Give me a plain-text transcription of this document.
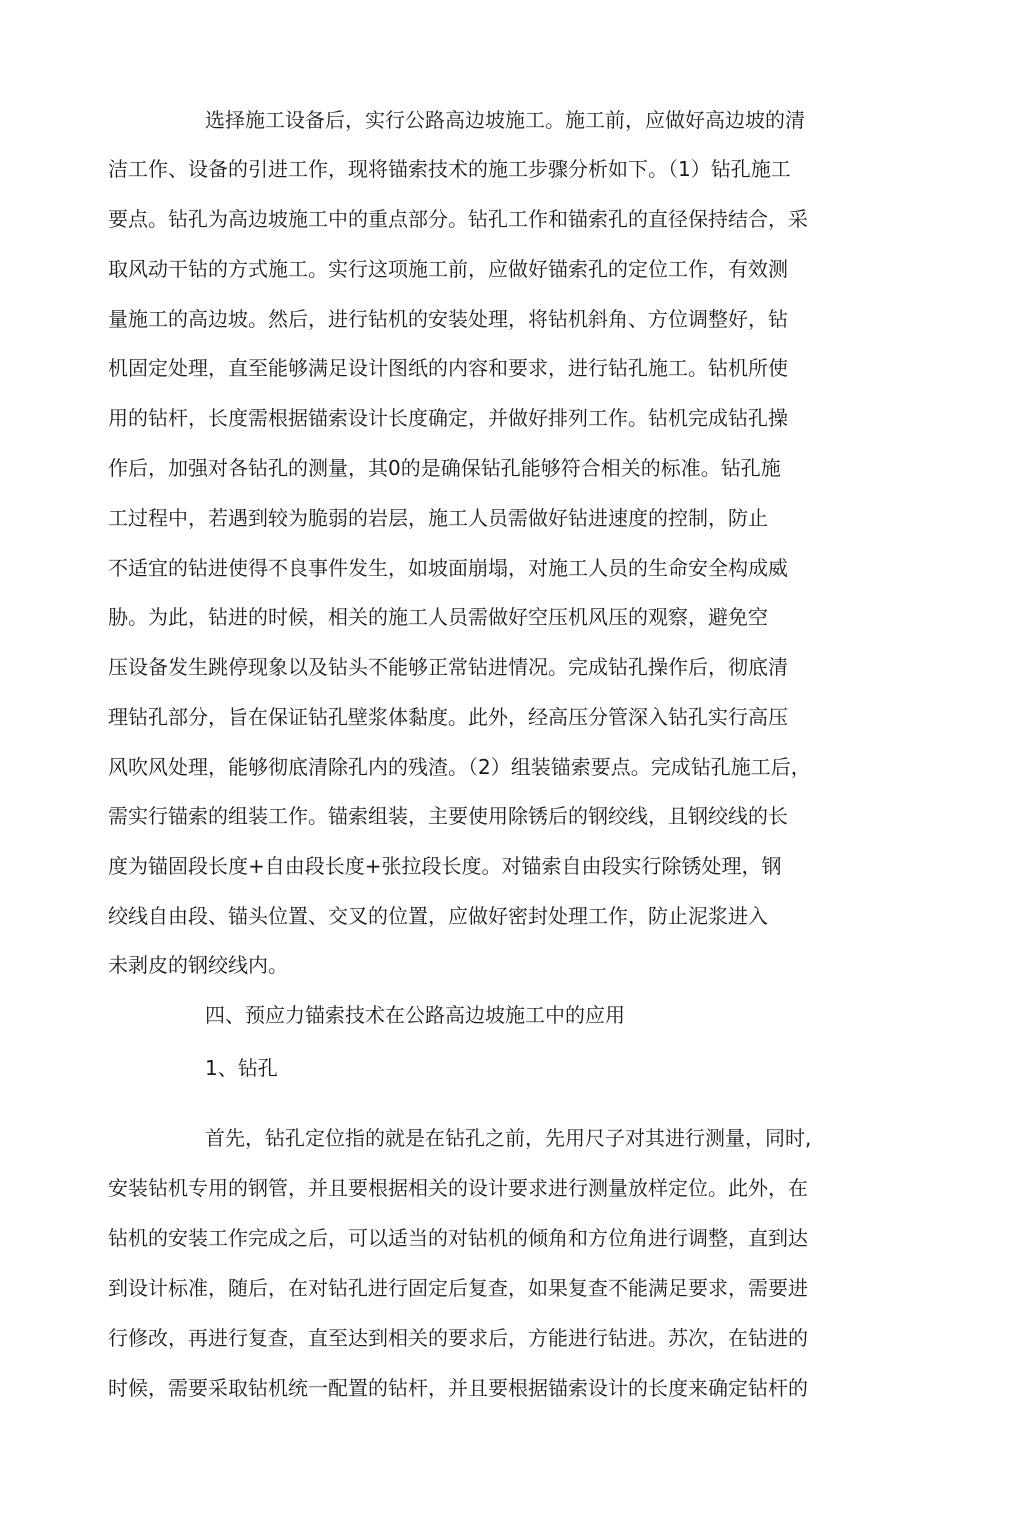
选择施工设备后，实行公路高边坡施工。施工前，应做好高边坡的清
洁工作、设备的引进工作，现将锚索技术的施工步骤分析如下。（1）钻孔施工
要点。钻孔为高边坡施工中的重点部分。钻孔工作和锚索孔的直径保持结合，采
取风动干钻的方式施工。实行这项施工前，应做好锚索孔的定位工作，有效测
量施工的高边坡。然后，进行钻机的安装处理，将钻机斜角、方位调整好，钻
机固定处理，直至能够满足设计图纸的内容和要求，进行钻孔施工。钻机所使
用的钻杆，长度需根据锚索设计长度确定，并做好排列工作。钻机完成钻孔操
作后，加强对各钻孔的测量，其0的是确保钻孔能够符合相关的标准。钻孔施
工过程中，若遇到较为脆弱的岩层，施工人员需做好钻进速度的控制，防止
不适宜的钻进使得不良事件发生，如坡面崩塌，对施工人员的生命安全构成威
胁。为此，钻进的时候，相关的施工人员需做好空压机风压的观察，避免空
压设备发生跳停现象以及钻头不能够正常钻进情况。完成钻孔操作后，彻底清
理钻孔部分，旨在保证钻孔壁浆体黏度。此外，经高压分管深入钻孔实行高压
风吹风处理，能够彻底清除孔内的残渣。（2）组装锚索要点。完成钻孔施工后，
需实行锚索的组装工作。锚索组装，主要使用除锈后的钢绞线，且钢绞线的长
度为锚固段长度+自由段长度+张拉段长度。对锚索自由段实行除锈处理，钢
绞线自由段、锚头位置、交叉的位置，应做好密封处理工作，防止泥浆进入
未剥皮的钢绞线内。
四、预应力锚索技术在公路高边坡施工中的应用
1、钻孔
首先，钻孔定位指的就是在钻孔之前，先用尺子对其进行测量，同时,
安装钻机专用的钢管，并且要根据相关的设计要求进行测量放样定位。此外，在
钻机的安装工作完成之后，可以适当的对钻机的倾角和方位角进行调整，直到达
到设计标准，随后，在对钻孔进行固定后复查，如果复查不能满足要求，需要进
行修改，再进行复查，直至达到相关的要求后，方能进行钻进。苏次，在钻进的
时候，需要采取钻机统一配置的钻杆，并且要根据锚索设计的长度来确定钻杆的
